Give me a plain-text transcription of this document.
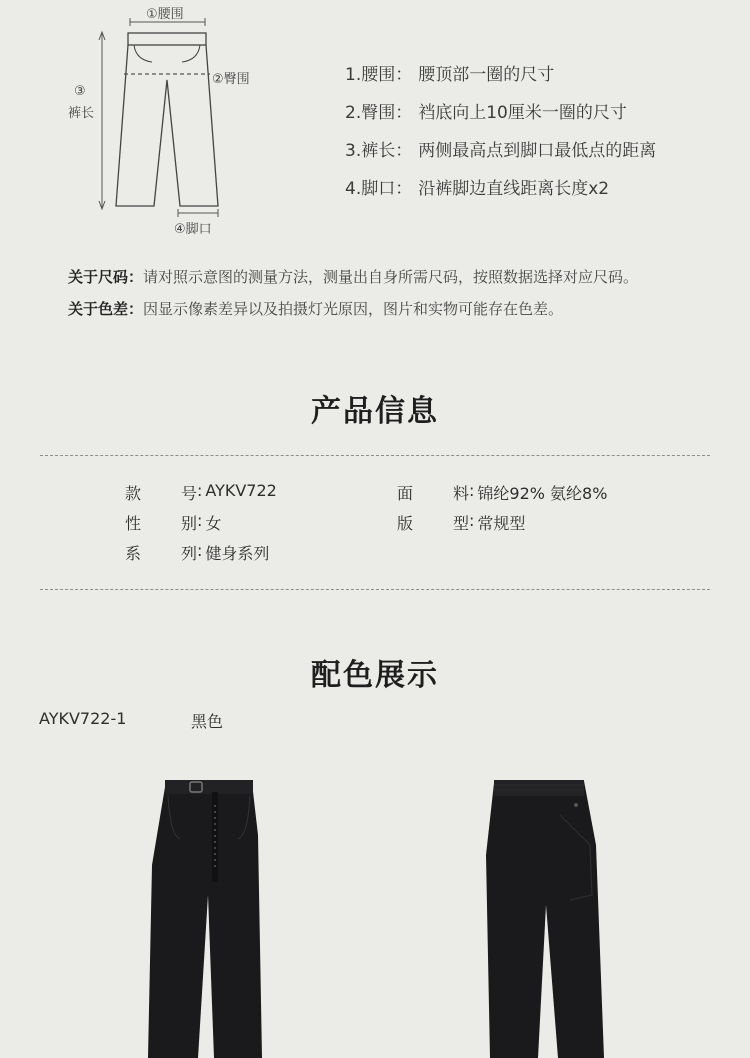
①腰围
②臀围
③
裤长
④脚口
1.腰围： 腰顶部一圈的尺寸
2.臀围： 裆底向上10厘米一圈的尺寸
3.裤长： 两侧最高点到脚口最低点的距离
4.脚口： 沿裤脚边直线距离长度x2
关于尺码：请对照示意图的测量方法，测量出自身所需尺码，按照数据选择对应尺码。
关于色差：因显示像素差异以及拍摄灯光原因，图片和实物可能存在色差。
产品信息
款 号 : AYKV722
性 别 : 女
系 列 : 健身系列
面 料 : 锦纶92% 氨纶8%
版 型 : 常规型
配色展示
AYKV722-1	黑色
